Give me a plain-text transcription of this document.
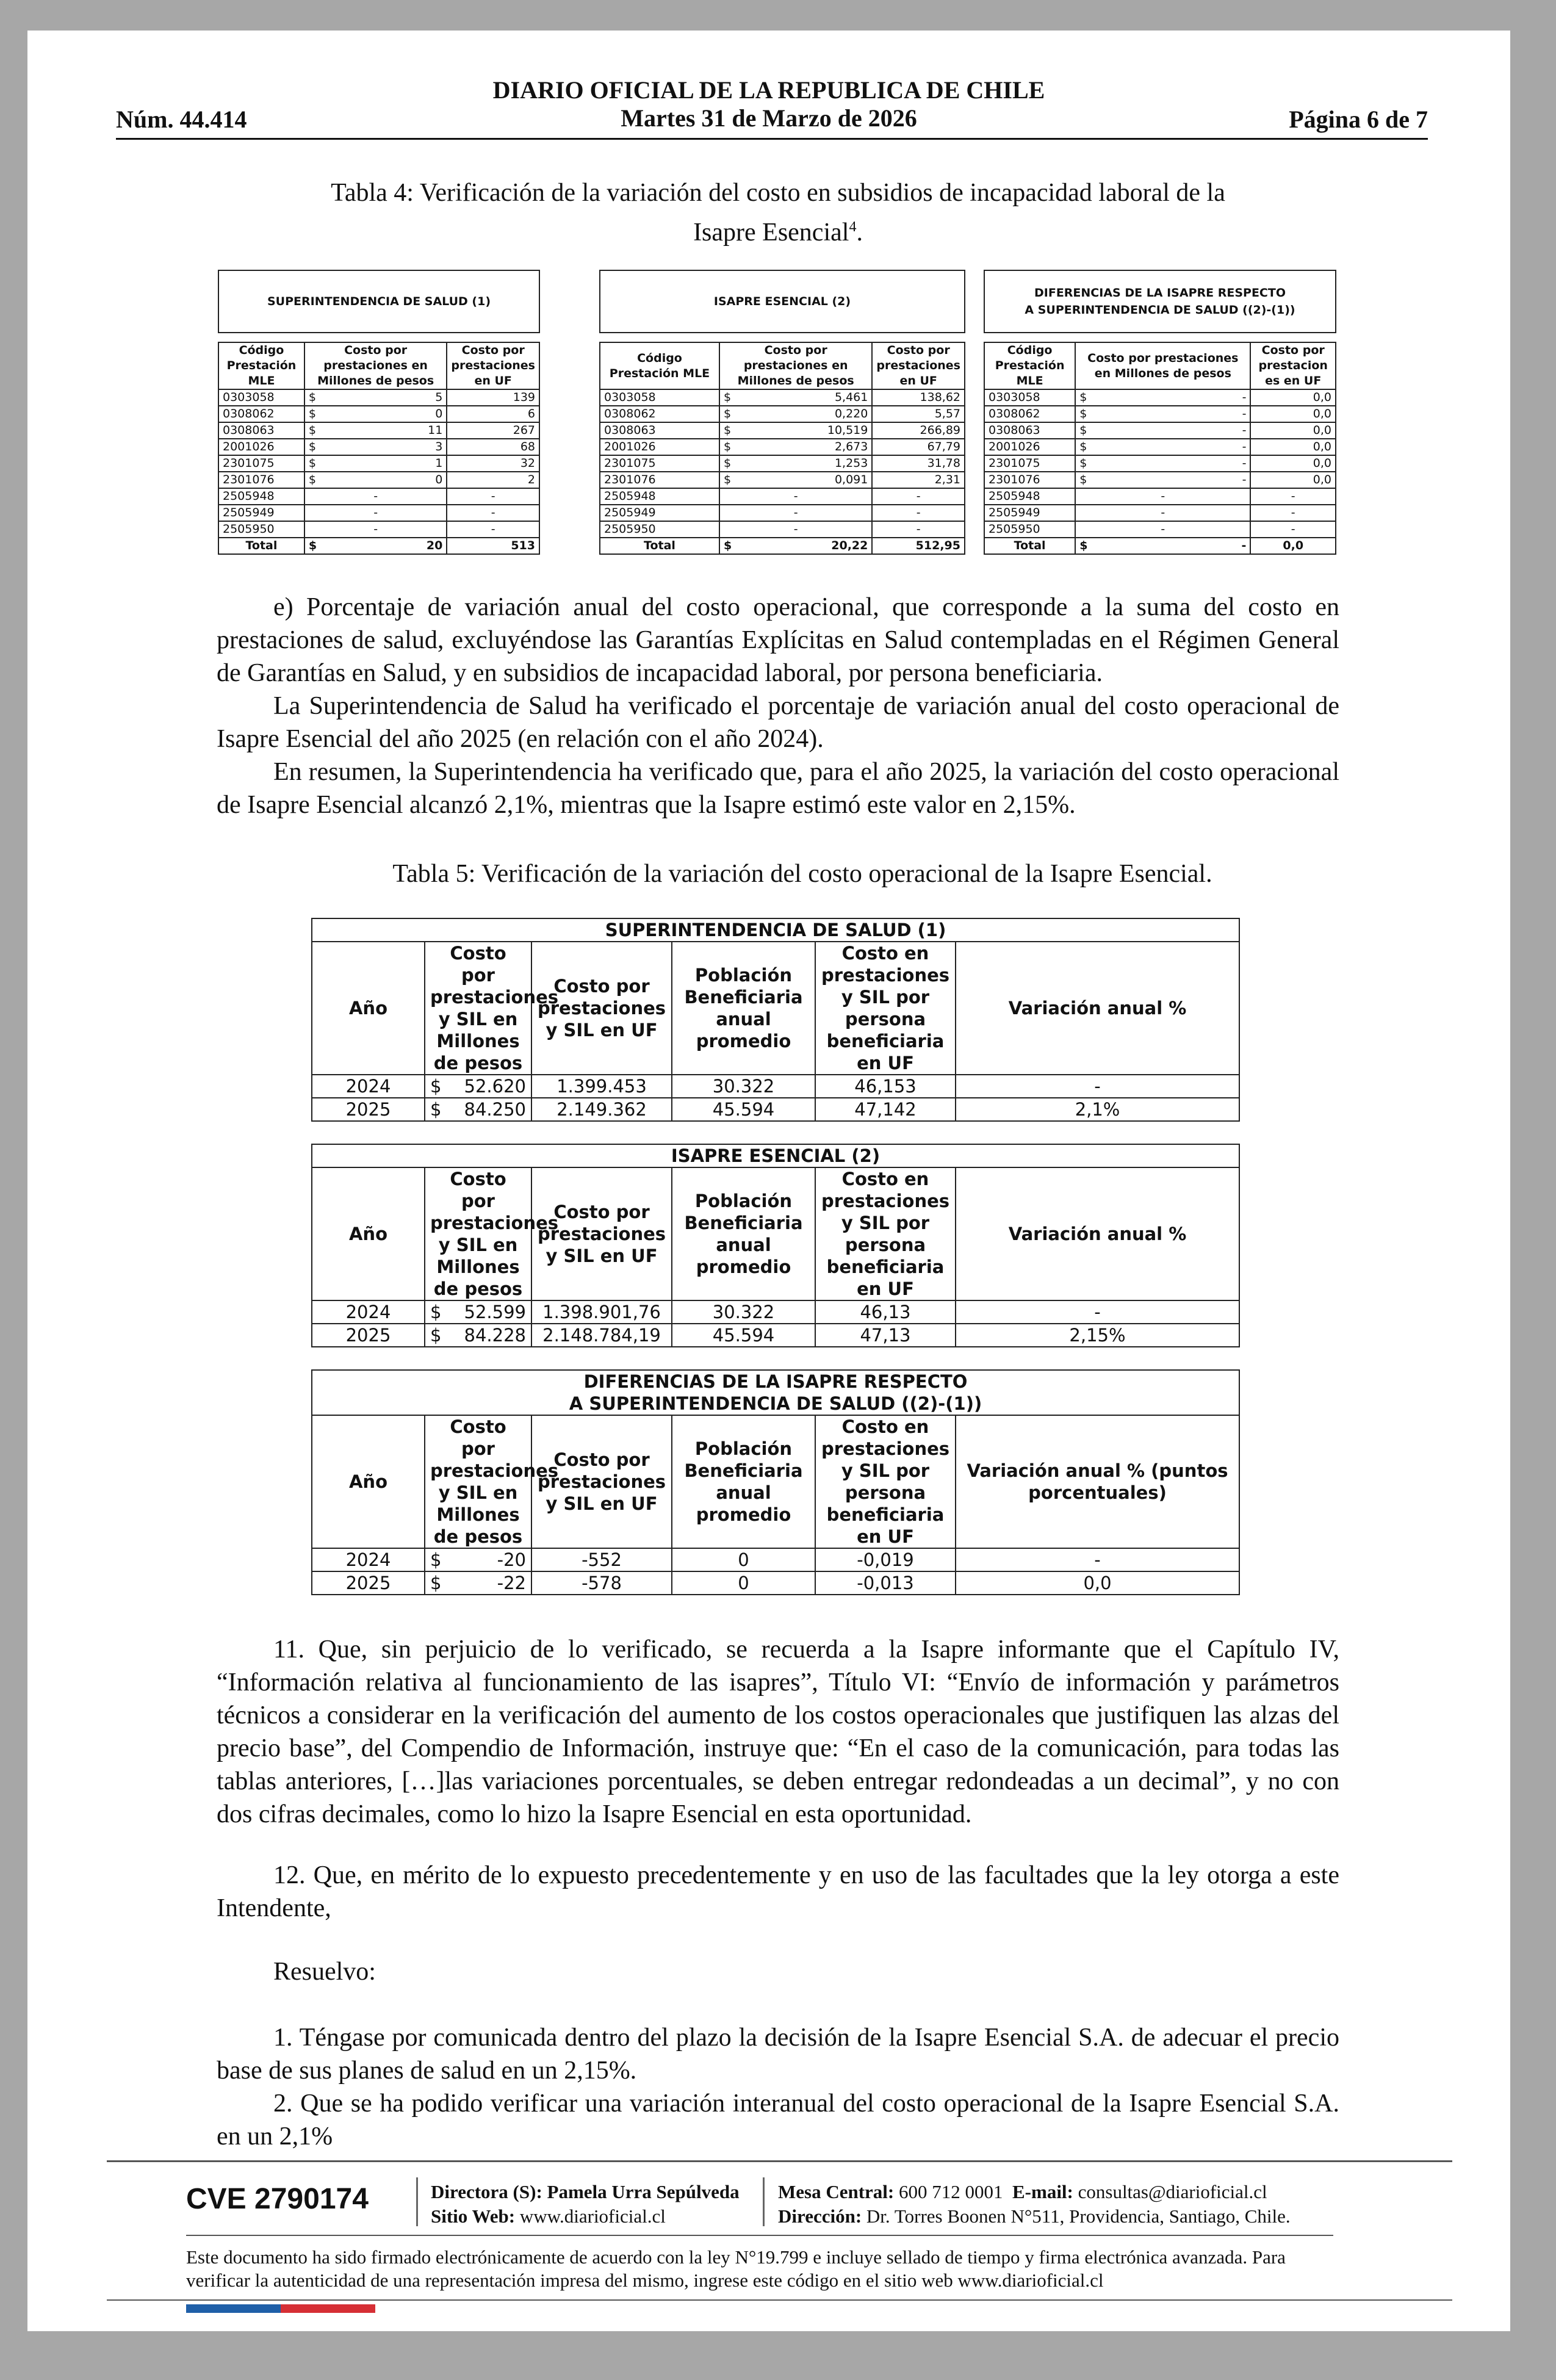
DIARIO OFICIAL DE LA REPUBLICA DE CHILE
Martes 31 de Marzo de 2026
Núm. 44.414	Página 6 de 7
Tabla 4: Verificación de la variación del costo en subsidios de incapacidad laboral de la
Isapre Esencial$^4$.
SUPERINTENDENCIA DE SALUD (1)			

Código Prestación MLE	Costo por prestaciones en Millones de pesos		Costo por prestaciones en UF
0303058	$	5	139
0308062	$	0	6
0308063	$	11	267
2001026	$	3	68
2301075	$	1	32
2301076	$	0	2
2505948	-		-
2505949	-		-
2505950	-		-
Total	$	20	513
ISAPRE ESENCIAL (2)			

Código Prestación MLE	Costo por prestaciones en Millones de pesos		Costo por prestaciones en UF
0303058	$	5,461	138,62
0308062	$	0,220	5,57
0308063	$	10,519	266,89
2001026	$	2,673	67,79
2301075	$	1,253	31,78
2301076	$	0,091	2,31
2505948	-		-
2505949	-		-
2505950	-		-
Total	$	20,22	512,95
DIFERENCIAS DE LA ISAPRE RESPECTO
A SUPERINTENDENCIA DE SALUD ((2)-(1))			

Código Prestación MLE	Costo por prestaciones en Millones de pesos		Costo por prestacion es en UF
0303058	$	-	0,0
0308062	$	-	0,0
0308063	$	-	0,0
2001026	$	-	0,0
2301075	$	-	0,0
2301076	$	-	0,0
2505948	-		-
2505949	-		-
2505950	-		-
Total	$	-	0,0
e) Porcentaje de variación anual del costo operacional, que corresponde a la suma del costo en prestaciones de salud, excluyéndose las Garantías Explícitas en Salud contempladas en el Régimen General de Garantías en Salud, y en subsidios de incapacidad laboral, por persona beneficiaria.
La Superintendencia de Salud ha verificado el porcentaje de variación anual del costo operacional de Isapre Esencial del año 2025 (en relación con el año 2024).
En resumen, la Superintendencia ha verificado que, para el año 2025, la variación del costo operacional de Isapre Esencial alcanzó 2,1%, mientras que la Isapre estimó este valor en 2,15%.
Tabla 5: Verificación de la variación del costo operacional de la Isapre Esencial.
SUPERINTENDENCIA DE SALUD (1)						
Año	Costo por prestaciones y SIL en Millones de pesos		Costo por prestaciones y SIL en UF	Población Beneficiaria anual promedio	Costo en prestaciones y SIL por persona beneficiaria en UF	Variación anual %
2024	$	52.620	1.399.453	30.322	46,153	-
2025	$	84.250	2.149.362	45.594	47,142	2,1%
ISAPRE ESENCIAL (2)						
Año	Costo por prestaciones y SIL en Millones de pesos		Costo por prestaciones y SIL en UF	Población Beneficiaria anual promedio	Costo en prestaciones y SIL por persona beneficiaria en UF	Variación anual %
2024	$	52.599	1.398.901,76	30.322	46,13	-
2025	$	84.228	2.148.784,19	45.594	47,13	2,15%
DIFERENCIAS DE LA ISAPRE RESPECTO
A SUPERINTENDENCIA DE SALUD ((2)-(1))						

Año	Costo por prestaciones y SIL en Millones de pesos		Costo por prestaciones y SIL en UF	Población Beneficiaria anual promedio	Costo en prestaciones y SIL por persona beneficiaria en UF	Variación anual % (puntos porcentuales)
2024	$	-20	-552	0	-0,019	-
2025	$	-22	-578	0	-0,013	0,0
11. Que, sin perjuicio de lo verificado, se recuerda a la Isapre informante que el Capítulo IV, “Información relativa al funcionamiento de las isapres”, Título VI: “Envío de información y parámetros técnicos a considerar en la verificación del aumento de los costos operacionales que justifiquen las alzas del precio base”, del Compendio de Información, instruye que: “En el caso de la comunicación, para todas las tablas anteriores, […]las variaciones porcentuales, se deben entregar redondeadas a un decimal”, y no con dos cifras decimales, como lo hizo la Isapre Esencial en esta oportunidad.
12. Que, en mérito de lo expuesto precedentemente y en uso de las facultades que la ley otorga a este Intendente,
Resuelvo:
1. Téngase por comunicada dentro del plazo la decisión de la Isapre Esencial S.A. de adecuar el precio base de sus planes de salud en un 2,15%.
2. Que se ha podido verificar una variación interanual del costo operacional de la Isapre Esencial S.A. en un 2,1%
CVE 2790174	Directora (S): Pamela Urra Sepúlveda
Sitio Web: www.diarioficial.cl
Mesa Central: 600 712 0001 E-mail: consultas@diarioficial.cl
Dirección: Dr. Torres Boonen N°511, Providencia, Santiago, Chile.
Este documento ha sido firmado electrónicamente de acuerdo con la ley N°19.799 e incluye sellado de tiempo y firma electrónica avanzada. Para verificar la autenticidad de una representación impresa del mismo, ingrese este código en el sitio web www.diarioficial.cl
